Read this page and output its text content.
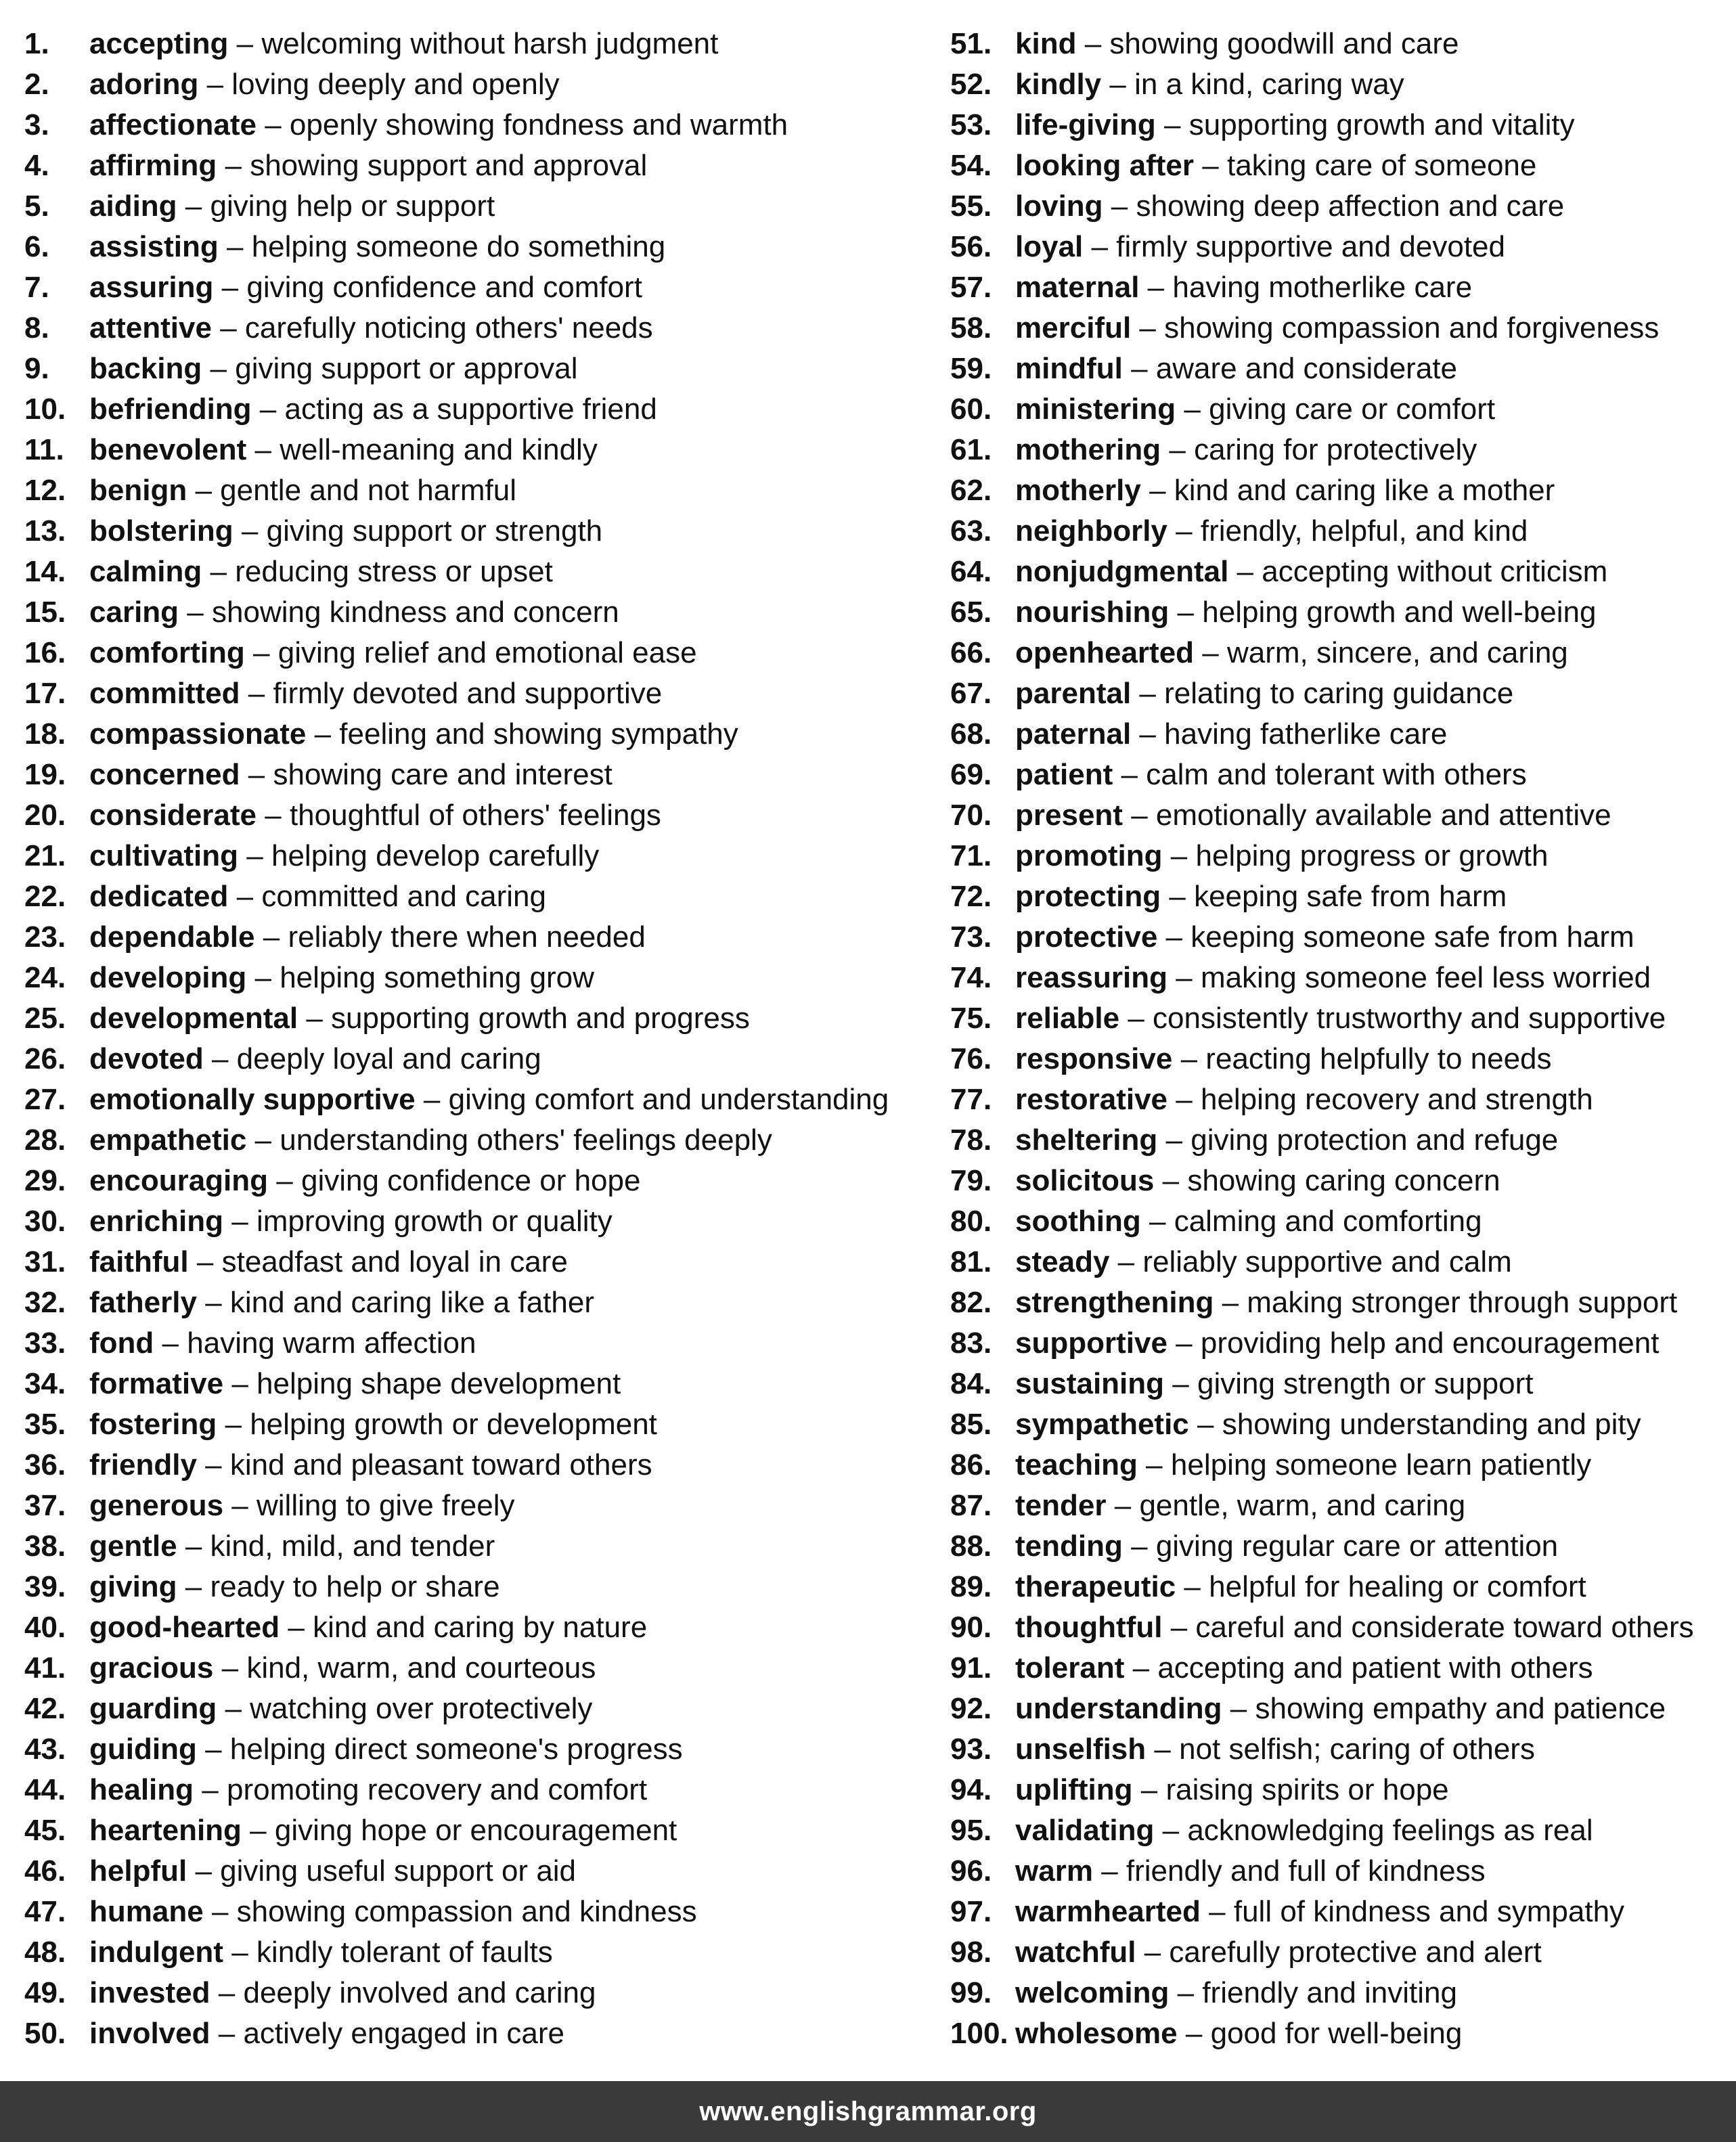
1.	accepting – welcoming without harsh judgment
2.	adoring – loving deeply and openly
3.	affectionate – openly showing fondness and warmth
4.	affirming – showing support and approval
5.	aiding – giving help or support
6.	assisting – helping someone do something
7.	assuring – giving confidence and comfort
8.	attentive – carefully noticing others' needs
9.	backing – giving support or approval
10. befriending – acting as a supportive friend
11. benevolent – well-meaning and kindly
12. benign – gentle and not harmful
13. bolstering – giving support or strength
14. calming – reducing stress or upset
15. caring – showing kindness and concern
16. comforting – giving relief and emotional ease
17. committed – firmly devoted and supportive
18. compassionate – feeling and showing sympathy
19. concerned – showing care and interest
20. considerate – thoughtful of others' feelings
21. cultivating – helping develop carefully
22. dedicated – committed and caring
23. dependable – reliably there when needed
24. developing – helping something grow
25. developmental – supporting growth and progress
26. devoted – deeply loyal and caring
27. emotionally supportive – giving comfort and understanding
28. empathetic – understanding others' feelings deeply
29. encouraging – giving confidence or hope
30. enriching – improving growth or quality
31. faithful – steadfast and loyal in care
32. fatherly – kind and caring like a father
33. fond – having warm affection
34. formative – helping shape development
35. fostering – helping growth or development
36. friendly – kind and pleasant toward others
37. generous – willing to give freely
38. gentle – kind, mild, and tender
39. giving – ready to help or share
40. good-hearted – kind and caring by nature
41. gracious – kind, warm, and courteous
42. guarding – watching over protectively
43. guiding – helping direct someone's progress
44. healing – promoting recovery and comfort
45. heartening – giving hope or encouragement
46. helpful – giving useful support or aid
47. humane – showing compassion and kindness
48. indulgent – kindly tolerant of faults
49. invested – deeply involved and caring
50. involved – actively engaged in care
51. kind – showing goodwill and care
52. kindly – in a kind, caring way
53. life-giving – supporting growth and vitality
54. looking after – taking care of someone
55. loving – showing deep affection and care
56. loyal – firmly supportive and devoted
57. maternal – having motherlike care
58. merciful – showing compassion and forgiveness
59. mindful – aware and considerate
60. ministering – giving care or comfort
61. mothering – caring for protectively
62. motherly – kind and caring like a mother
63. neighborly – friendly, helpful, and kind
64. nonjudgmental – accepting without criticism
65. nourishing – helping growth and well-being
66. openhearted – warm, sincere, and caring
67. parental – relating to caring guidance
68. paternal – having fatherlike care
69. patient – calm and tolerant with others
70. present – emotionally available and attentive
71. promoting – helping progress or growth
72. protecting – keeping safe from harm
73. protective – keeping someone safe from harm
74. reassuring – making someone feel less worried
75. reliable – consistently trustworthy and supportive
76. responsive – reacting helpfully to needs
77. restorative – helping recovery and strength
78. sheltering – giving protection and refuge
79. solicitous – showing caring concern
80. soothing – calming and comforting
81. steady – reliably supportive and calm
82. strengthening – making stronger through support
83. supportive – providing help and encouragement
84. sustaining – giving strength or support
85. sympathetic – showing understanding and pity
86. teaching – helping someone learn patiently
87. tender – gentle, warm, and caring
88. tending – giving regular care or attention
89. therapeutic – helpful for healing or comfort
90. thoughtful – careful and considerate toward others
91. tolerant – accepting and patient with others
92. understanding – showing empathy and patience
93. unselfish – not selfish; caring of others
94. uplifting – raising spirits or hope
95. validating – acknowledging feelings as real
96. warm – friendly and full of kindness
97. warmhearted – full of kindness and sympathy
98. watchful – carefully protective and alert
99. welcoming – friendly and inviting
100. wholesome – good for well-being
www.englishgrammar.org
